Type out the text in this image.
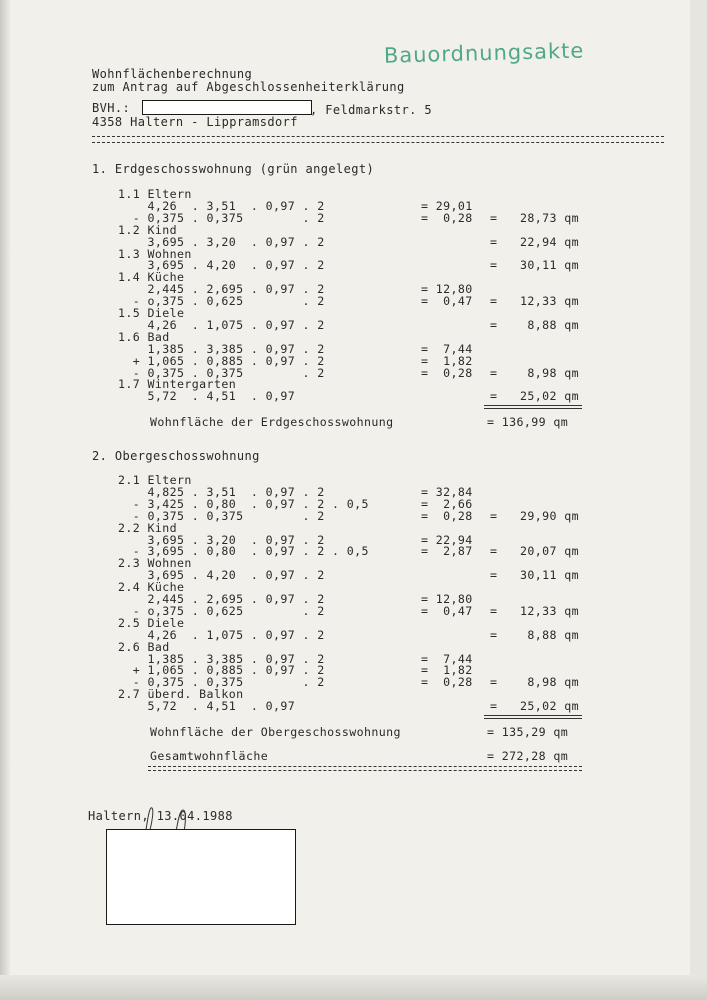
Bauordnungsakte
Wohnflächenberechnung
zum Antrag auf Abgeschlossenheiterklärung
BVH.:	, Feldmarkstr. 5
4358 Haltern - Lippramsdorf
1. Erdgeschosswohnung (grün angelegt)
1.1 Eltern
4,26  . 3,51  . 0,97 . 2	= 29,01
- 0,375 . 0,375        . 2	=  0,28 = 28,73 qm
1.2 Kind
3,695 . 3,20  . 0,97 . 2	= 22,94 qm
1.3 Wohnen
3,695 . 4,20  . 0,97 . 2	= 30,11 qm
1.4 Küche
2,445 . 2,695 . 0,97 . 2	= 12,80
- o,375 . 0,625        . 2	=  0,47 = 12,33 qm
1.5 Diele
4,26  . 1,075 . 0,97 . 2	= 8,88 qm
1.6 Bad
1,385 . 3,385 . 0,97 . 2	=  7,44
+ 1,065 . 0,885 . 0,97 . 2	=  1,82
- 0,375 . 0,375        . 2	=  0,28 = 8,98 qm
1.7 Wintergarten
5,72  . 4,51  . 0,97	= 25,02 qm
Wohnfläche der Erdgeschosswohnung	= 136,99 qm
2. Obergeschosswohnung
2.1 Eltern
4,825 . 3,51  . 0,97 . 2	= 32,84
- 3,425 . 0,80  . 0,97 . 2 . 0,5	=  2,66
- 0,375 . 0,375        . 2	=  0,28 = 29,90 qm
2.2 Kind
3,695 . 3,20  . 0,97 . 2	= 22,94
- 3,695 . 0,80  . 0,97 . 2 . 0,5	=  2,87 = 20,07 qm
2.3 Wohnen
3,695 . 4,20  . 0,97 . 2	= 30,11 qm
2.4 Küche
2,445 . 2,695 . 0,97 . 2	= 12,80
- o,375 . 0,625        . 2	=  0,47 = 12,33 qm
2.5 Diele
4,26  . 1,075 . 0,97 . 2	= 8,88 qm
2.6 Bad
1,385 . 3,385 . 0,97 . 2	=  7,44
+ 1,065 . 0,885 . 0,97 . 2	=  1,82
- 0,375 . 0,375        . 2	=  0,28 = 8,98 qm
2.7 überd. Balkon
5,72  . 4,51  . 0,97	= 25,02 qm
Wohnfläche der Obergeschosswohnung	= 135,29 qm
Gesamtwohnfläche	= 272,28 qm
Haltern, 13.04.1988
